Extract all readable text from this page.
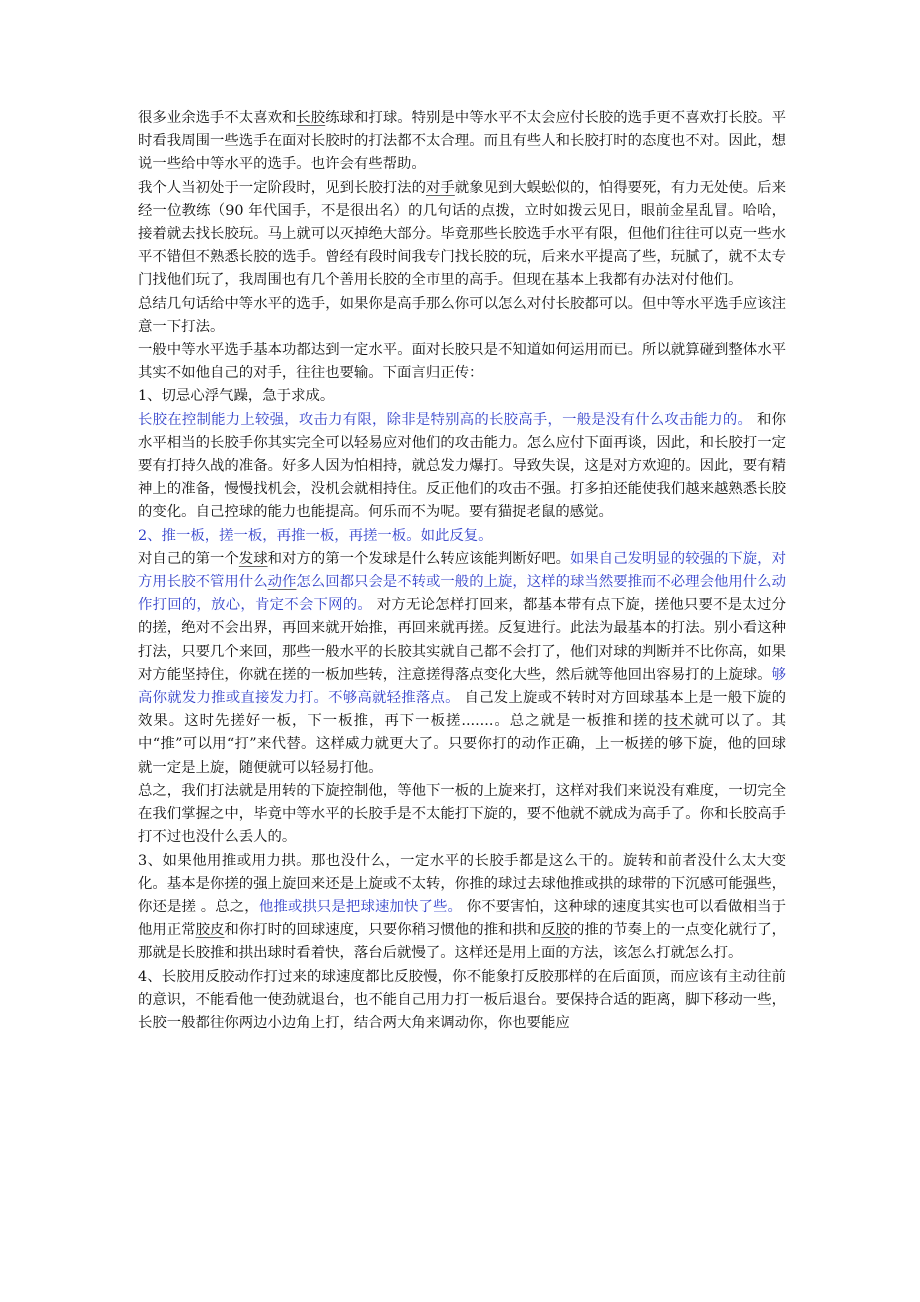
很多业余选手不太喜欢和长胶练球和打球。特别是中等水平不太会应付长胶的选手更不喜欢打长胶。平时看我周围一些选手在面对长胶时的打法都不太合理。而且有些人和长胶打时的态度也不对。因此，想说一些给中等水平的选手。也许会有些帮助。

我个人当初处于一定阶段时，见到长胶打法的对手就象见到大蜈蚣似的，怕得要死，有力无处使。后来经一位教练（90 年代国手，不是很出名）的几句话的点拨，立时如拨云见日，眼前金星乱冒。哈哈，接着就去找长胶玩。马上就可以灭掉绝大部分。毕竟那些长胶选手水平有限，但他们往往可以克一些水平不错但不熟悉长胶的选手。曾经有段时间我专门找长胶的玩，后来水平提高了些，玩腻了，就不太专门找他们玩了，我周围也有几个善用长胶的全市里的高手。但现在基本上我都有办法对付他们。

总结几句话给中等水平的选手，如果你是高手那么你可以怎么对付长胶都可以。但中等水平选手应该注意一下打法。

一般中等水平选手基本功都达到一定水平。面对长胶只是不知道如何运用而已。所以就算碰到整体水平其实不如他自己的对手，往往也要输。下面言归正传：

1、切忌心浮气躁，急于求成。

长胶在控制能力上较强，攻击力有限，除非是特别高的长胶高手，一般是没有什么攻击能力的。 和你水平相当的长胶手你其实完全可以轻易应对他们的攻击能力。怎么应付下面再谈，因此，和长胶打一定要有打持久战的准备。好多人因为怕相持，就总发力爆打。导致失误，这是对方欢迎的。因此，要有精神上的准备，慢慢找机会，没机会就相持住。反正他们的攻击不强。打多拍还能使我们越来越熟悉长胶的变化。自己控球的能力也能提高。何乐而不为呢。要有猫捉老鼠的感觉。

2、推一板，搓一板，再推一板，再搓一板。如此反复。

对自己的第一个发球和对方的第一个发球是什么转应该能判断好吧。如果自己发明显的较强的下旋，对方用长胶不管用什么动作怎么回都只会是不转或一般的上旋，这样的球当然要推而不必理会他用什么动作打回的，放心，肯定不会下网的。 对方无论怎样打回来，都基本带有点下旋，搓他只要不是太过分的搓，绝对不会出界，再回来就开始推，再回来就再搓。反复进行。此法为最基本的打法。别小看这种打法，只要几个来回，那些一般水平的长胶其实就自己都不会打了，他们对球的判断并不比你高，如果对方能坚持住，你就在搓的一板加些转，注意搓得落点变化大些，然后就等他回出容易打的上旋球。够高你就发力推或直接发力打。不够高就轻推落点。 自己发上旋或不转时对方回球基本上是一般下旋的效果。这时先搓好一板，下一板推，再下一板搓.......。总之就是一板推和搓的技术就可以了。其中“推”可以用“打”来代替。这样威力就更大了。只要你打的动作正确，上一板搓的够下旋，他的回球就一定是上旋，随便就可以轻易打他。

总之，我们打法就是用转的下旋控制他，等他下一板的上旋来打，这样对我们来说没有难度，一切完全在我们掌握之中，毕竟中等水平的长胶手是不太能打下旋的，要不他就不就成为高手了。你和长胶高手打不过也没什么丢人的。

3、如果他用推或用力拱。那也没什么，一定水平的长胶手都是这么干的。旋转和前者没什么太大变化。基本是你搓的强上旋回来还是上旋或不太转，你推的球过去球他推或拱的球带的下沉感可能强些，你还是搓 。总之，他推或拱只是把球速加快了些。 你不要害怕，这种球的速度其实也可以看做相当于他用正常胶皮和你打时的回球速度，只要你稍习惯他的推和拱和反胶的推的节奏上的一点变化就行了，那就是长胶推和拱出球时看着快，落台后就慢了。这样还是用上面的方法，该怎么打就怎么打。

4、长胶用反胶动作打过来的球速度都比反胶慢，你不能象打反胶那样的在后面顶，而应该有主动往前的意识，不能看他一使劲就退台，也不能自己用力打一板后退台。要保持合适的距离，脚下移动一些，长胶一般都往你两边小边角上打，结合两大角来调动你，你也要能应
